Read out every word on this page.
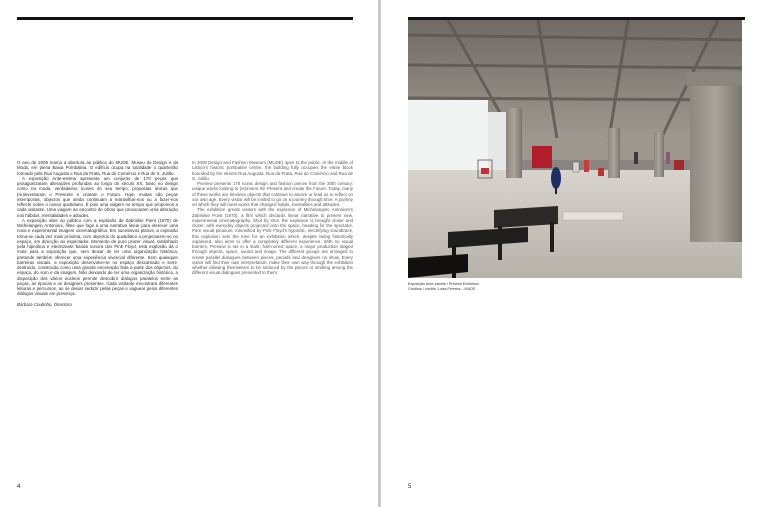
O ano de 2009 marca a abertura ao público do MUDE. Museu do Design e da Moda, em plena Baixa Pombalina. O edifício ocupa na totalidade o quarteirão formado pela Rua Augusta e Rua da Prata, Rua do Comércio e Rua de S. Julião.

A exposição Ante-estreia apresenta um conjunto de 170 peças que protagonizaram alterações profundas ao longo do século XX, tanto no design como na moda, verdadeiros ícones do seu tempo, propostas únicas que (re)inventaram o Presente e criaram o Futuro. Hoje, muitas são peças intemporais, objectos que ainda continuam a maravilhar-nos ou a fazer-nos reflectir sobre o nosso quotidiano. É pois uma viagem no tempo que propomos a cada visitante. Uma viagem ao encontro de obras que provocaram uma alteração nos hábitos, mentalidades e atitudes.

A exposição abre ao público com a explosão de Zabriskie Point (1970) de Michelangelo Antonioni, filme que foge a uma narrativa linear para oferecer uma nova e experimental imagem cinematográfica. Em sucessivos planos, a explosão torna-se cada vez mais próxima, com objectos do quotidiano a projectarem-se no espaço, em direcção ao espectador. Momento de puro prazer visual, sublinhado pela hipnótica e electrizante banda sonora dos Pink Floyd, esta explosão dá o mote para a exposição que, sem deixar de ter uma organização histórica, pretende também oferecer uma experiência vivencial diferente. Sem quaisquer barreiras visuais, a exposição desenvolve-se no espaço descarnado e semi-destruído, construída como uma grande encenação feita a partir dos objectos, do espaço, do som e da imagem. Não deixando de ter uma organização histórica, a disposição dos vários núcleos permite descobrir diálogos paralelos entre as peças, as épocas e os designers presentes. Cada visitante encontrará diferentes leituras e percursos, ao se deixar seduzir pelas peças e vaguear pelos diferentes diálogos visuais em presença.

Bárbara Coutinho, Directora

In 2009 Design and Fashion Museum (MUDE) open to the public. In the middle of Lisbon's historic pombaline centre, the building fully occupies the entire block bounded by the streets Rua Augusta, Rua da Prata, Rua do Comércio and Rua de S. Julião.

Preview presents 170 iconic design and fashion pieces from the 20th century: unique works looking to (re)invent the Present and create the Future. Today, many of these works are timeless objects that continue to amaze or lead us to reflect on our own age. Every visitor will be invited to go on a journey through time. A journey on which they will meet works that changed habits, mentalities and attitudes.

The exhibition greets visitors with the explosion of Michelangelo Antonioni's Zabriskie Point (1970), a film which discards linear narrative to present new, experimental cinematography. Shot by shot, the explosion is brought closer and closer, with everyday objects projected onto the space, heading for the spectator. Pure visual pleasure, intensified by Pink Floyd's hypnotic, electrifying soundtrack, this explosion sets the tone for an exhibition which, despite being historically organised, also aims to offer a completely different experience. With no visual barriers, Preview is set in a stark, half-ruined space; a major production staged through objects, space, sound and image. The different groups are arranged to create parallel dialogues between pieces, periods and designers on show. Every visitor will find their own interpretation, make their own way through the exhibition whether allowing themselves to be seduced by the pieces or strolling among the different visual dialogues presented to them.

4
Exposição Ante-estreia / Preview Exhibition
Créditos / credits: Luisa Ferreira – MUDE
5
